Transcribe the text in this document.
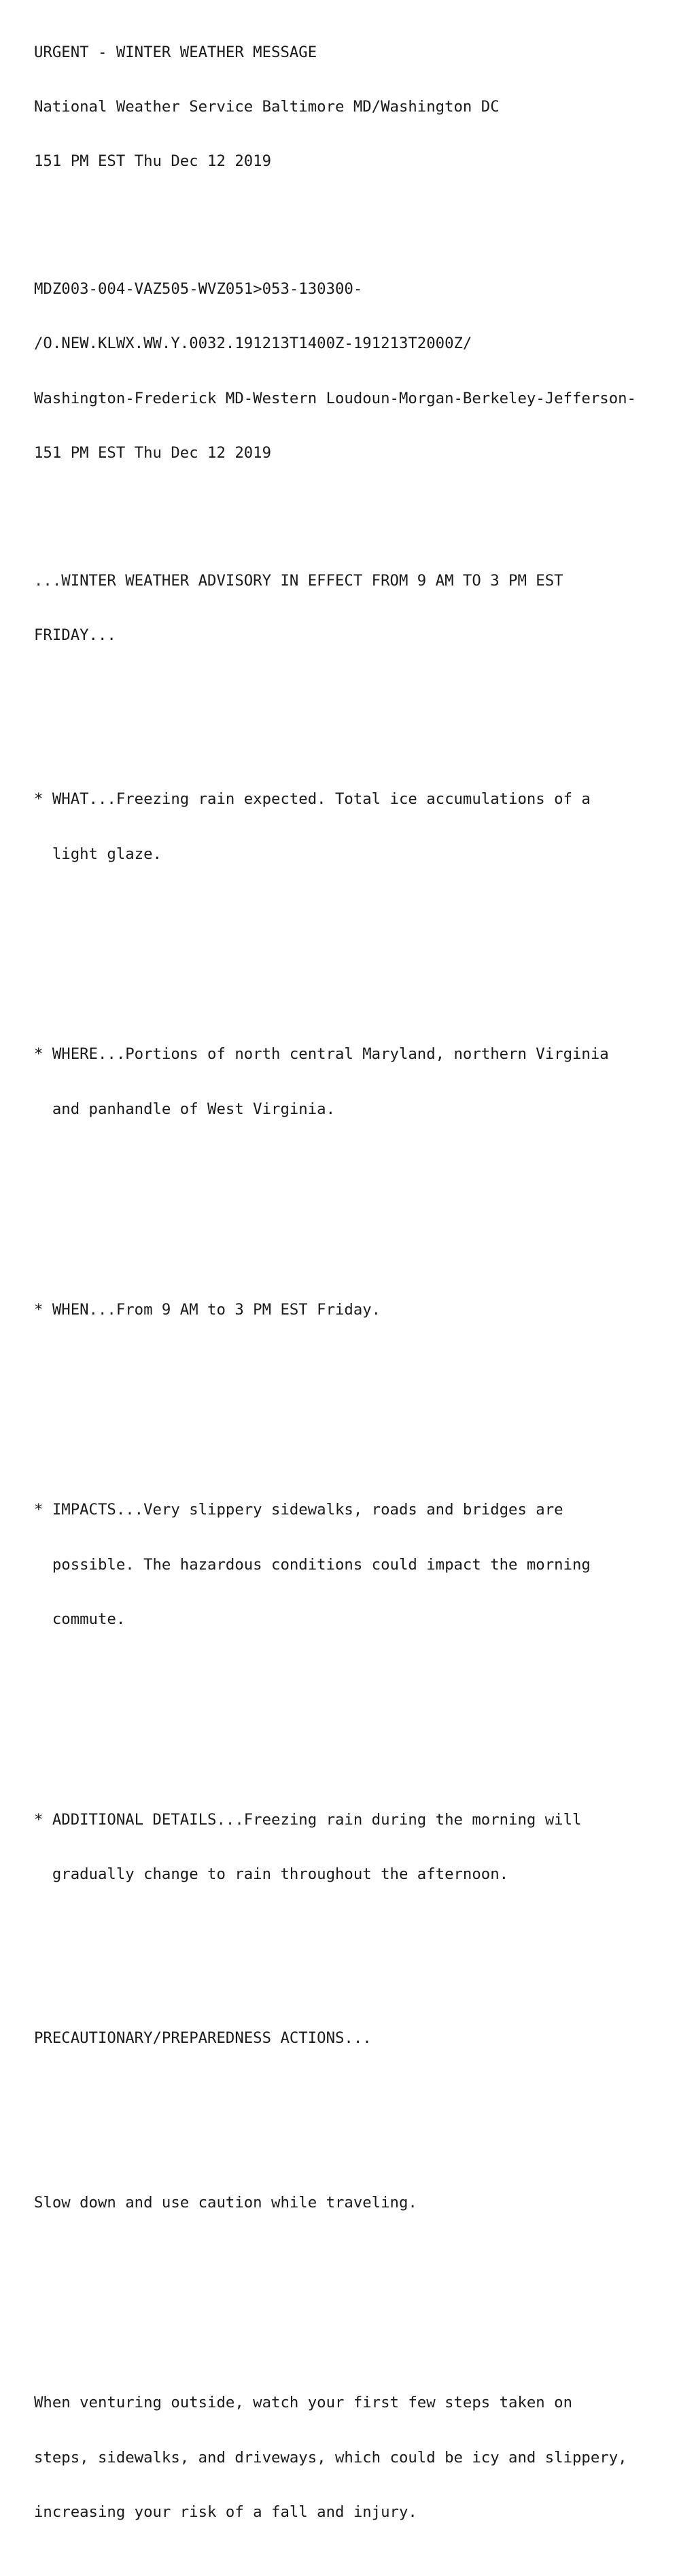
URGENT - WINTER WEATHER MESSAGE

National Weather Service Baltimore MD/Washington DC

151 PM EST Thu Dec 12 2019

MDZ003-004-VAZ505-WVZ051>053-130300-

/O.NEW.KLWX.WW.Y.0032.191213T1400Z-191213T2000Z/

Washington-Frederick MD-Western Loudoun-Morgan-Berkeley-Jefferson-

151 PM EST Thu Dec 12 2019

...WINTER WEATHER ADVISORY IN EFFECT FROM 9 AM TO 3 PM EST

FRIDAY...

* WHAT...Freezing rain expected. Total ice accumulations of a

light glaze.

* WHERE...Portions of north central Maryland, northern Virginia

and panhandle of West Virginia.

* WHEN...From 9 AM to 3 PM EST Friday.

* IMPACTS...Very slippery sidewalks, roads and bridges are

possible. The hazardous conditions could impact the morning

commute.

* ADDITIONAL DETAILS...Freezing rain during the morning will

gradually change to rain throughout the afternoon.

PRECAUTIONARY/PREPAREDNESS ACTIONS...

Slow down and use caution while traveling.

When venturing outside, watch your first few steps taken on

steps, sidewalks, and driveways, which could be icy and slippery,

increasing your risk of a fall and injury.
